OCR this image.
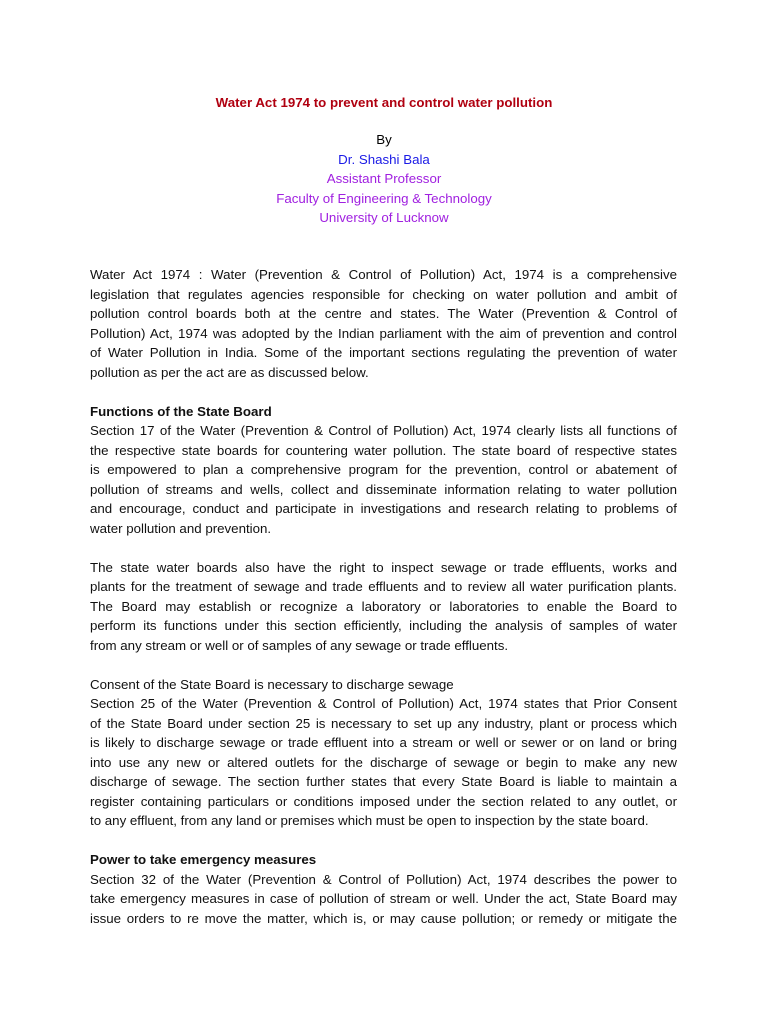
Water Act 1974 to prevent and control water pollution
By
Dr. Shashi Bala
Assistant Professor
Faculty of Engineering & Technology
University of Lucknow
Water Act 1974 : Water (Prevention & Control of Pollution) Act, 1974 is a comprehensive
legislation that regulates agencies responsible for checking on water pollution and ambit of
pollution control boards both at the centre and states. The Water (Prevention & Control of
Pollution) Act, 1974 was adopted by the Indian parliament with the aim of prevention and control
of Water Pollution in India. Some of the important sections regulating the prevention of water
pollution as per the act are as discussed below.
Functions of the State Board
Section 17 of the Water (Prevention & Control of Pollution) Act, 1974 clearly lists all functions of
the respective state boards for countering water pollution. The state board of respective states
is empowered to plan a comprehensive program for the prevention, control or abatement of
pollution of streams and wells, collect and disseminate information relating to water pollution
and encourage, conduct and participate in investigations and research relating to problems of
water pollution and prevention.
The state water boards also have the right to inspect sewage or trade effluents, works and
plants for the treatment of sewage and trade effluents and to review all water purification plants.
The Board may establish or recognize a laboratory or laboratories to enable the Board to
perform its functions under this section efficiently, including the analysis of samples of water
from any stream or well or of samples of any sewage or trade effluents.
Consent of the State Board is necessary to discharge sewage
Section 25 of the Water (Prevention & Control of Pollution) Act, 1974 states that Prior Consent
of the State Board under section 25 is necessary to set up any industry, plant or process which
is likely to discharge sewage or trade effluent into a stream or well or sewer or on land or bring
into use any new or altered outlets for the discharge of sewage or begin to make any new
discharge of sewage. The section further states that every State Board is liable to maintain a
register containing particulars or conditions imposed under the section related to any outlet, or
to any effluent, from any land or premises which must be open to inspection by the state board.
Power to take emergency measures
Section 32 of the Water (Prevention & Control of Pollution) Act, 1974 describes the power to
take emergency measures in case of pollution of stream or well. Under the act, State Board may
issue orders to re move the matter, which is, or may cause pollution; or remedy or mitigate the
